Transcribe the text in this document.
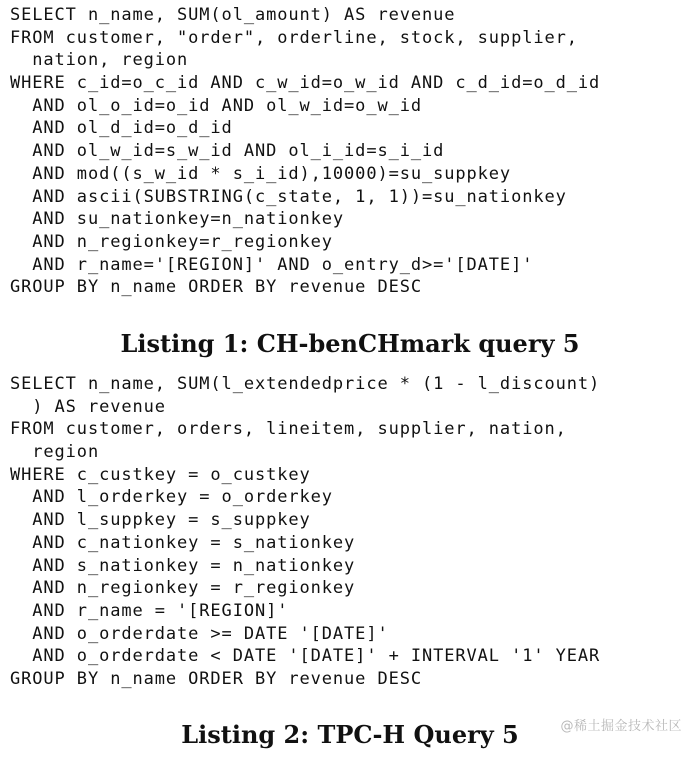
SELECT n_name, SUM(ol_amount) AS revenue
FROM customer, "order", orderline, stock, supplier,
nation, region
WHERE c_id=o_c_id AND c_w_id=o_w_id AND c_d_id=o_d_id
AND ol_o_id=o_id AND ol_w_id=o_w_id
AND ol_d_id=o_d_id
AND ol_w_id=s_w_id AND ol_i_id=s_i_id
AND mod((s_w_id * s_i_id),10000)=su_suppkey
AND ascii(SUBSTRING(c_state, 1, 1))=su_nationkey
AND su_nationkey=n_nationkey
AND n_regionkey=r_regionkey
AND r_name='[REGION]' AND o_entry_d>='[DATE]'
GROUP BY n_name ORDER BY revenue DESC
Listing 1: CH-benCHmark query 5
SELECT n_name, SUM(l_extendedprice * (1 - l_discount)
) AS revenue
FROM customer, orders, lineitem, supplier, nation,
region
WHERE c_custkey = o_custkey
AND l_orderkey = o_orderkey
AND l_suppkey = s_suppkey
AND c_nationkey = s_nationkey
AND s_nationkey = n_nationkey
AND n_regionkey = r_regionkey
AND r_name = '[REGION]'
AND o_orderdate >= DATE '[DATE]'
AND o_orderdate < DATE '[DATE]' + INTERVAL '1' YEAR
GROUP BY n_name ORDER BY revenue DESC
Listing 2: TPC-H Query 5	@稀土掘金技术社区
